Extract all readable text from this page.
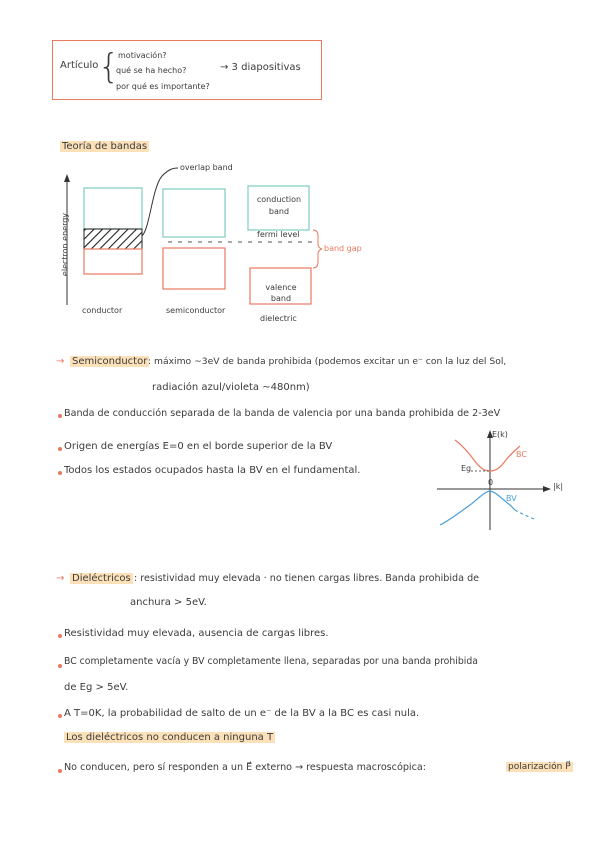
Artículo {
motivación?
qué se ha hecho?
por qué es importante?
→ 3 diapositivas
Teoría de bandas
electron energy
overlap band
conduction band
fermi level
band gap
valence band
conductor	semiconductor
dielectric
→ Semiconductor : máximo ~3eV de banda prohibida (podemos excitar un e⁻ con la luz del Sol,
radiación azul/violeta ~480nm)
Banda de conducción separada de la banda de valencia por una banda prohibida de 2-3eV
Origen de energías E=0 en el borde superior de la BV
Todos los estados ocupados hasta la BV en el fundamental.
E(k)
|k|
BC
BV
Eg
0
→ Dieléctricos : resistividad muy elevada · no tienen cargas libres. Banda prohibida de
anchura > 5eV.
Resistividad muy elevada, ausencia de cargas libres.
BC completamente vacía y BV completamente llena, separadas por una banda prohibida
de Eg > 5eV.
A T=0K, la probabilidad de salto de un e⁻ de la BV a la BC es casi nula.
Los dieléctricos no conducen a ninguna T
No conducen, pero sí responden a un E⃗ externo → respuesta macroscópica:	polarización P⃗
